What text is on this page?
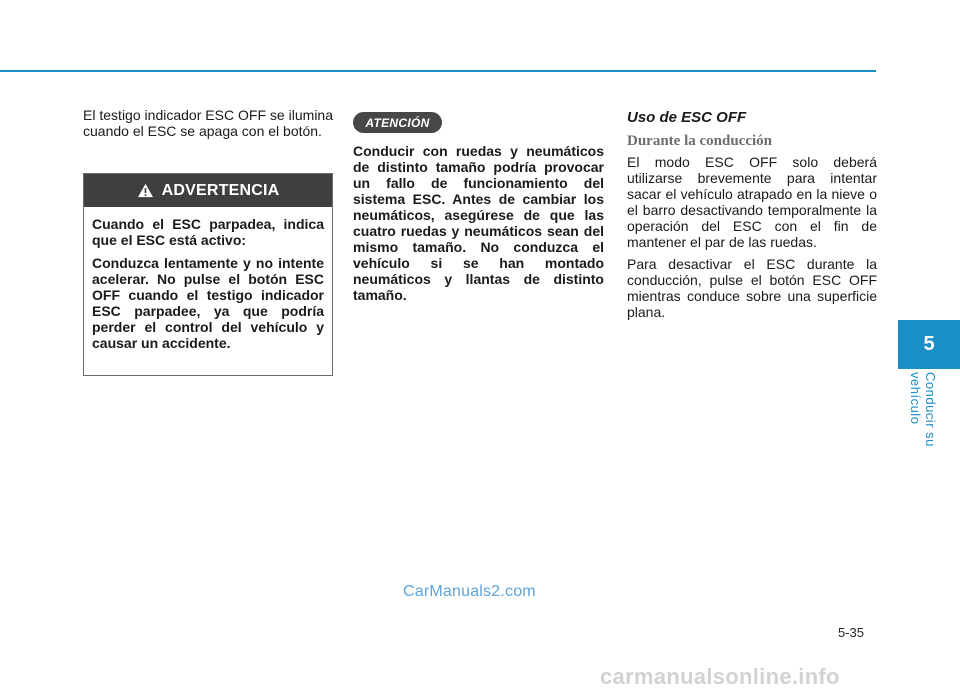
El testigo indicador ESC OFF se ilumina cuando el ESC se apaga con el botón.

ADVERTENCIA

Cuando el ESC parpadea, indica que el ESC está activo:

Conduzca lentamente y no intente acelerar. No pulse el botón ESC OFF cuando el testigo indicador ESC parpadee, ya que podría perder el control del vehículo y causar un accidente.

ATENCIÓN

Conducir con ruedas y neumáticos de distinto tamaño podría provocar un fallo de funcionamiento del sistema ESC. Antes de cambiar los neumáticos, asegúrese de que las cuatro ruedas y neumáticos sean del mismo tamaño. No conduzca el vehículo si se han montado neumáticos y llantas de distinto tamaño.

Uso de ESC OFF

Durante la conducción

El modo ESC OFF solo deberá utilizarse brevemente para intentar sacar el vehículo atrapado en la nieve o el barro desactivando temporalmente la operación del ESC con el fin de mantener el par de las ruedas.

Para desactivar el ESC durante la conducción, pulse el botón ESC OFF mientras conduce sobre una superficie plana.

5
Conducir su vehículo
CarManuals2.com
5-35
carmanualsonline.info
